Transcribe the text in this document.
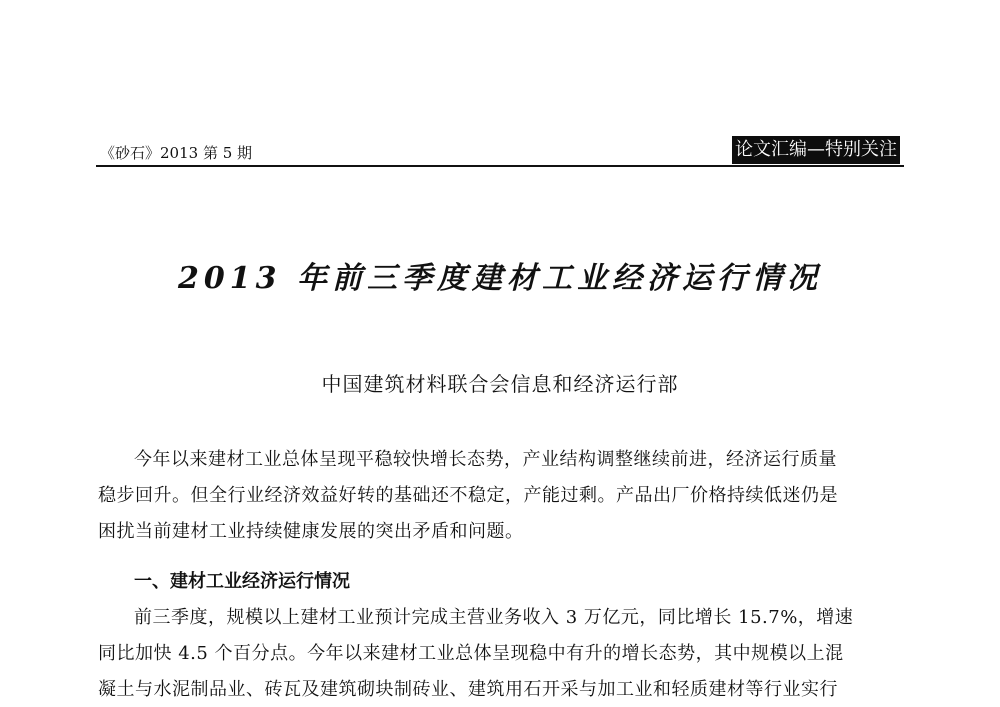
《砂石》2013 第 5 期	论文汇编—特别关注
2013 年前三季度建材工业经济运行情况
中国建筑材料联合会信息和经济运行部
今年以来建材工业总体呈现平稳较快增长态势，产业结构调整继续前进，经济运行质量
稳步回升。但全行业经济效益好转的基础还不稳定，产能过剩。产品出厂价格持续低迷仍是
困扰当前建材工业持续健康发展的突出矛盾和问题。
一、建材工业经济运行情况
前三季度，规模以上建材工业预计完成主营业务收入 3 万亿元，同比增长 15.7%，增速
同比加快 4.5 个百分点。今年以来建材工业总体呈现稳中有升的增长态势，其中规模以上混
凝土与水泥制品业、砖瓦及建筑砌块制砖业、建筑用石开采与加工业和轻质建材等行业实行
